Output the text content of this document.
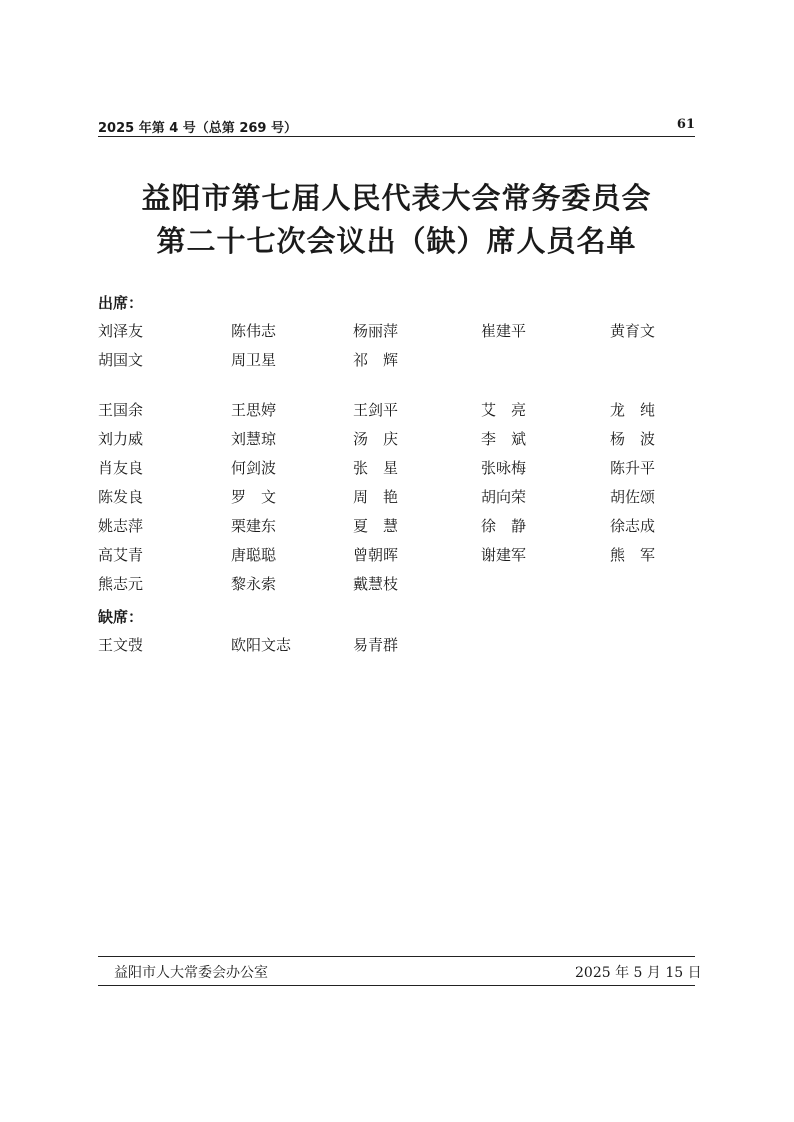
2025 年第 4 号（总第 269 号）	61
益阳市第七届人民代表大会常务委员会
第二十七次会议出（缺）席人员名单
出席：
刘泽友	陈伟志	杨丽萍	崔建平	黄育文
胡国文	周卫星	祁　辉
王国余	王思婷	王剑平	艾　亮	龙　纯
刘力威	刘慧琼	汤　庆	李　斌	杨　波
肖友良	何剑波	张　星	张咏梅	陈升平
陈发良	罗　文	周　艳	胡向荣	胡佐颂
姚志萍	栗建东	夏　慧	徐　静	徐志成
高艾青	唐聪聪	曾朝晖	谢建军	熊　军
熊志元	黎永索	戴慧枝
缺席：
王文弢	欧阳文志	易青群
益阳市人大常委会办公室	2025 年 5 月 15 日
